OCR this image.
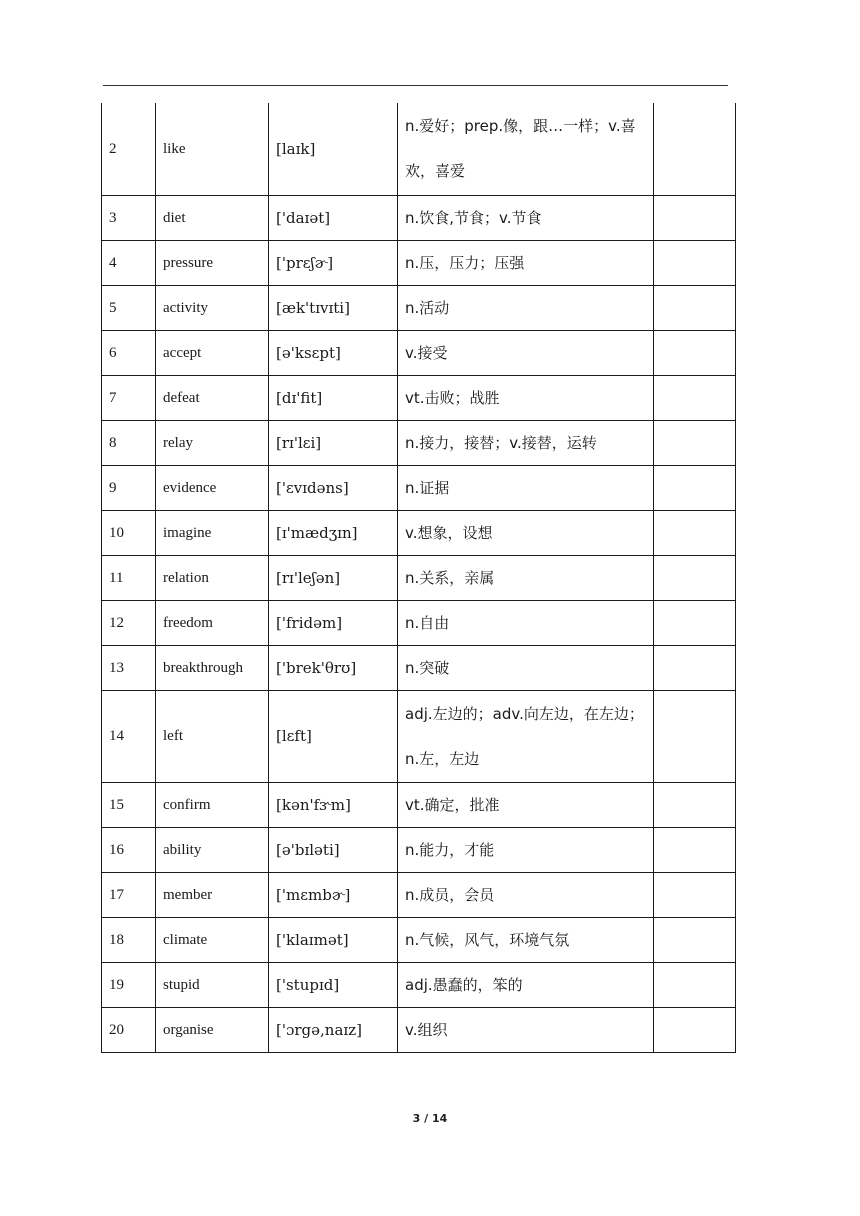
2	like	[laɪk]	n.爱好；prep.像，跟…一样；v.喜欢，喜爱	
3	diet	['daɪət]	n.饮食,节食；v.节食	
4	pressure	['prɛʃɚ]	n.压，压力；压强	
5	activity	[æk'tɪvɪti]	n.活动	
6	accept	[ə'ksɛpt]	v.接受	
7	defeat	[dɪ'fit]	vt.击败；战胜	
8	relay	[rɪ'lɛi]	n.接力，接替；v.接替，运转	
9	evidence	['ɛvɪdəns]	n.证据	
10	imagine	[ɪ'mædʒɪn]	v.想象，设想	
11	relation	[rɪ'leʃən]	n.关系，亲属	
12	freedom	['fridəm]	n.自由	
13	breakthrough	['brek'θrʊ]	n.突破	
14	left	[lɛft]	adj.左边的；adv.向左边，在左边；n.左，左边	
15	confirm	[kən'fɝm]	vt.确定，批准	
16	ability	[ə'bɪləti]	n.能力，才能	
17	member	['mɛmbɚ]	n.成员，会员	
18	climate	['klaɪmət]	n.气候，风气，环境气氛	
19	stupid	['stupɪd]	adj.愚蠢的，笨的	
20	organise	['ɔrgə,naɪz]	v.组织	
3 / 14
